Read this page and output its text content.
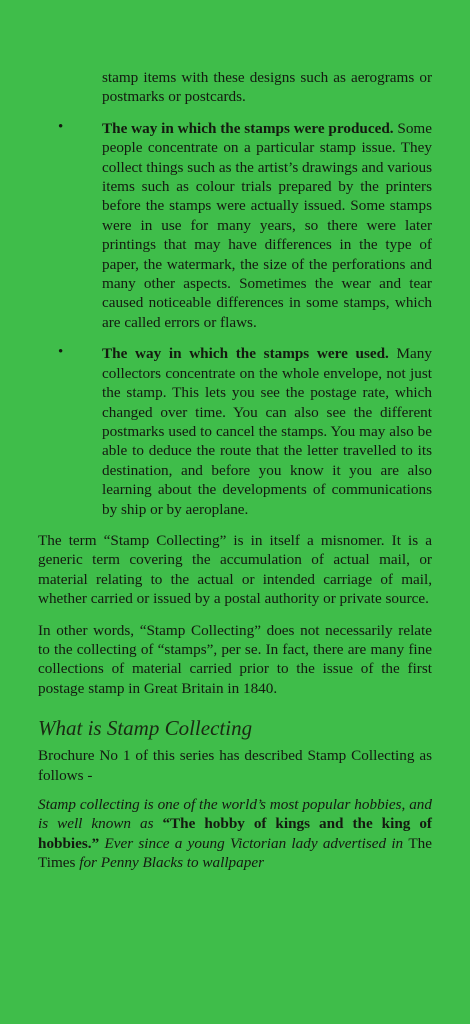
stamp items with these designs such as aerograms or postmarks or postcards.

•	The way in which the stamps were produced. Some people concentrate on a particular stamp issue. They collect things such as the artist’s drawings and various items such as colour trials prepared by the printers before the stamps were actually issued. Some stamps were in use for many years, so there were later printings that may have differences in the type of paper, the watermark, the size of the perforations and many other aspects. Sometimes the wear and tear caused noticeable differences in some stamps, which are called errors or flaws.

•	The way in which the stamps were used. Many collectors concentrate on the whole envelope, not just the stamp. This lets you see the postage rate, which changed over time. You can also see the different postmarks used to cancel the stamps. You may also be able to deduce the route that the letter travelled to its destination, and before you know it you are also learning about the developments of communications by ship or by aeroplane.

The term “Stamp Collecting” is in itself a misnomer. It is a generic term covering the accumulation of actual mail, or material relating to the actual or intended carriage of mail, whether carried or issued by a postal authority or private source.

In other words, “Stamp Collecting” does not necessarily relate to the collecting of “stamps”, per se. In fact, there are many fine collections of material carried prior to the issue of the first postage stamp in Great Britain in 1840.

What is Stamp Collecting

Brochure No 1 of this series has described Stamp Collecting as follows -

Stamp collecting is one of the world’s most popular hobbies, and is well known as “The hobby of kings and the king of hobbies.” Ever since a young Victorian lady advertised in The Times for Penny Blacks to wallpaper
